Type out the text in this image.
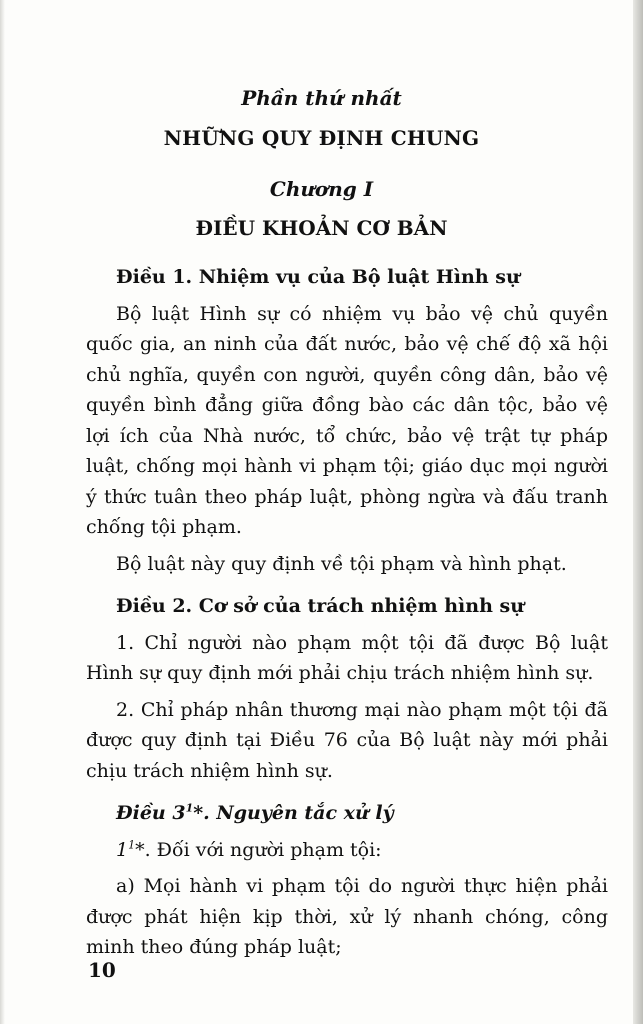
Phần thứ nhất
NHỮNG QUY ĐỊNH CHUNG
Chương I
ĐIỀU KHOẢN CƠ BẢN

Điều 1. Nhiệm vụ của Bộ luật Hình sự

Bộ luật Hình sự có nhiệm vụ bảo vệ chủ quyền quốc gia, an ninh của đất nước, bảo vệ chế độ xã hội chủ nghĩa, quyền con người, quyền công dân, bảo vệ quyền bình đẳng giữa đồng bào các dân tộc, bảo vệ lợi ích của Nhà nước, tổ chức, bảo vệ trật tự pháp luật, chống mọi hành vi phạm tội; giáo dục mọi người ý thức tuân theo pháp luật, phòng ngừa và đấu tranh chống tội phạm.

Bộ luật này quy định về tội phạm và hình phạt.

Điều 2. Cơ sở của trách nhiệm hình sự

1. Chỉ người nào phạm một tội đã được Bộ luật Hình sự quy định mới phải chịu trách nhiệm hình sự.

2. Chỉ pháp nhân thương mại nào phạm một tội đã được quy định tại Điều 76 của Bộ luật này mới phải chịu trách nhiệm hình sự.

Điều $3^1*$. Nguyên tắc xử lý

$1^1*$. Đối với người phạm tội:

a) Mọi hành vi phạm tội do người thực hiện phải được phát hiện kịp thời, xử lý nhanh chóng, công minh theo đúng pháp luật;

10
